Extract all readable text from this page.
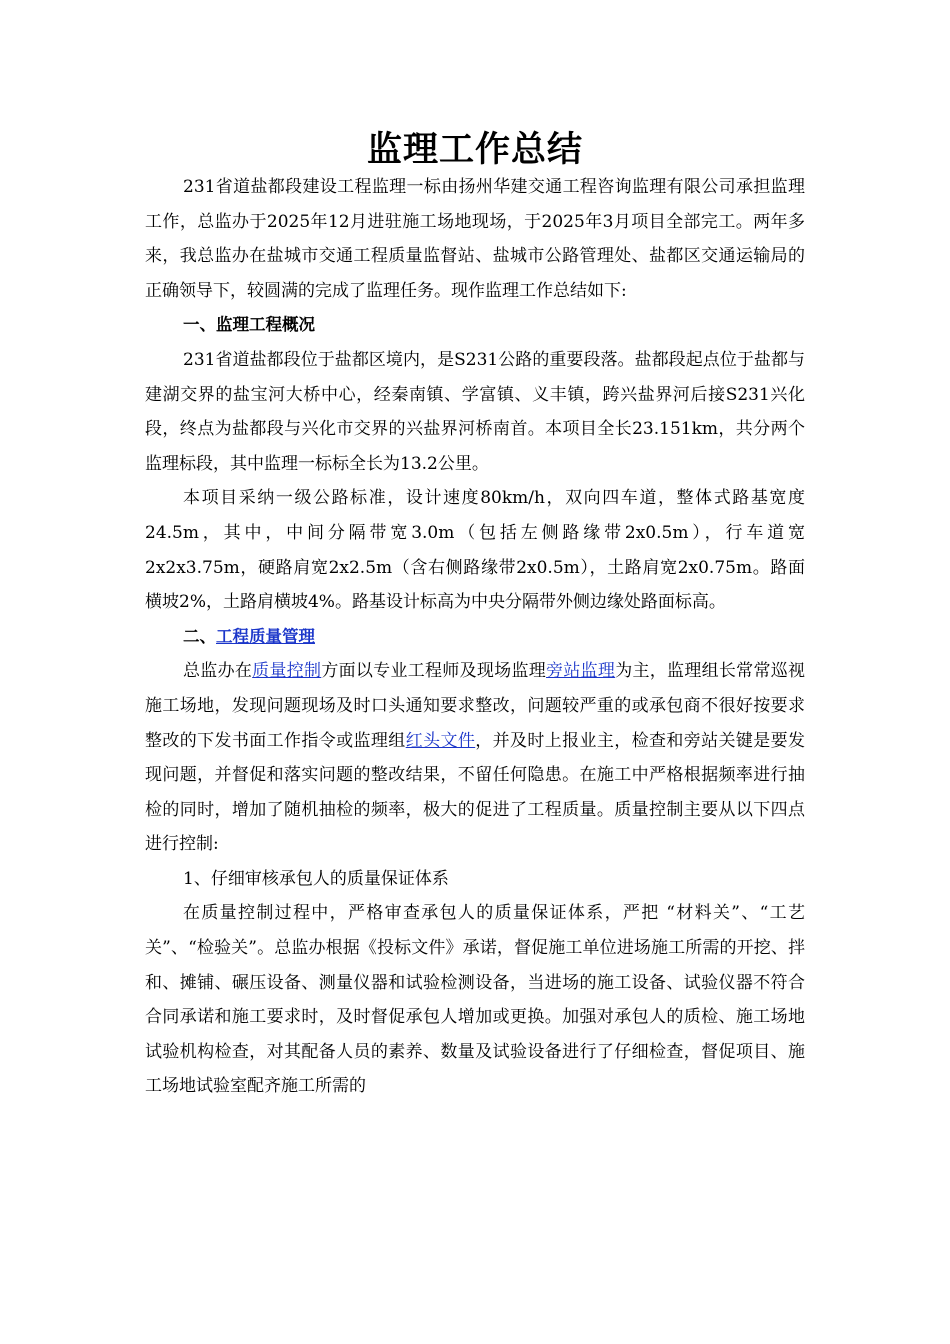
监理工作总结

231省道盐都段建设工程监理一标由扬州华建交通工程咨询监理有限公司承担监理工作，总监办于2025年12月进驻施工场地现场，于2025年3月项目全部完工。两年多来，我总监办在盐城市交通工程质量监督站、盐城市公路管理处、盐都区交通运输局的正确领导下，较圆满的完成了监理任务。现作监理工作总结如下:

一、监理工程概况

231省道盐都段位于盐都区境内，是S231公路的重要段落。盐都段起点位于盐都与建湖交界的盐宝河大桥中心，经秦南镇、学富镇、义丰镇，跨兴盐界河后接S231兴化段，终点为盐都段与兴化市交界的兴盐界河桥南首。本项目全长23.151km，共分两个监理标段，其中监理一标标全长为13.2公里。

本项目采纳一级公路标准，设计速度80km/h，双向四车道，整体式路基宽度24.5m，其中，中间分隔带宽3.0m（包括左侧路缘带2x0.5m），行车道宽2x2x3.75m，硬路肩宽2x2.5m（含右侧路缘带2x0.5m），土路肩宽2x0.75m。路面横坡2%，土路肩横坡4%。路基设计标高为中央分隔带外侧边缘处路面标高。

二、工程质量管理

总监办在质量控制方面以专业工程师及现场监理旁站监理为主，监理组长常常巡视施工场地，发现问题现场及时口头通知要求整改，问题较严重的或承包商不很好按要求整改的下发书面工作指令或监理组红头文件，并及时上报业主，检查和旁站关键是要发现问题，并督促和落实问题的整改结果，不留任何隐患。在施工中严格根据频率进行抽检的同时，增加了随机抽检的频率，极大的促进了工程质量。质量控制主要从以下四点进行控制:

1、仔细审核承包人的质量保证体系

在质量控制过程中，严格审查承包人的质量保证体系，严把 “材料关”、“工艺关”、“检验关”。总监办根据《投标文件》承诺，督促施工单位进场施工所需的开挖、拌和、摊铺、碾压设备、测量仪器和试验检测设备，当进场的施工设备、试验仪器不符合合同承诺和施工要求时，及时督促承包人增加或更换。加强对承包人的质检、施工场地试验机构检查，对其配备人员的素养、数量及试验设备进行了仔细检查，督促项目、施工场地试验室配齐施工所需的
